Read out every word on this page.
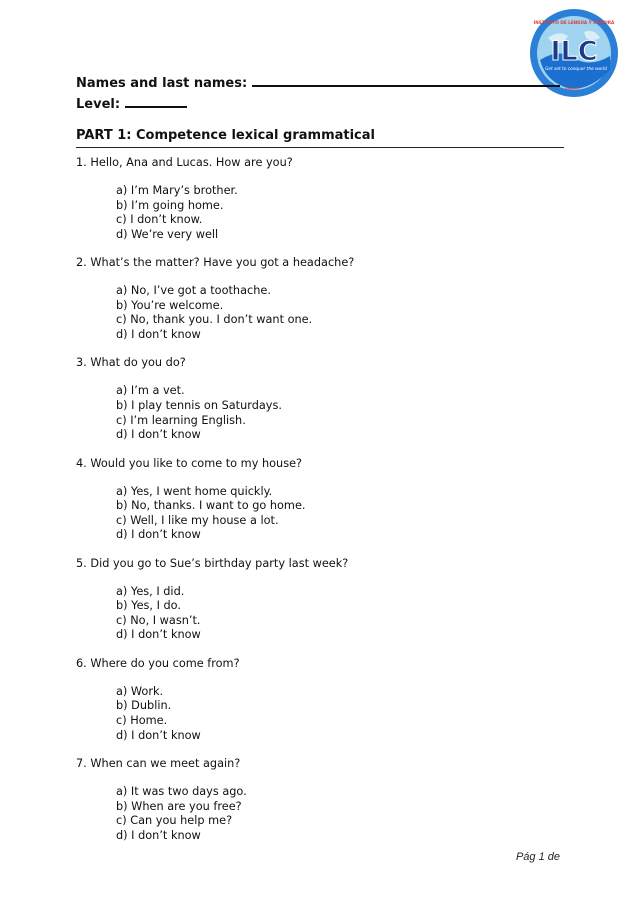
INSTITUTO DE LENGUA Y CULTURA
ILC
Get set to conquer the world
www.ilc...
Names and last names:
Level:
PART 1: Competence lexical grammatical
1. Hello, Ana and Lucas. How are you?
a) I’m Mary’s brother.
b) I’m going home.
c) I don’t know.
d) We’re very well
2. What’s the matter? Have you got a headache?
a) No, I’ve got a toothache.
b) You’re welcome.
c) No, thank you. I don’t want one.
d) I don’t know
3. What do you do?
a) I’m a vet.
b) I play tennis on Saturdays.
c) I’m learning English.
d) I don’t know
4. Would you like to come to my house?
a) Yes, I went home quickly.
b) No, thanks. I want to go home.
c) Well, I like my house a lot.
d) I don’t know
5. Did you go to Sue’s birthday party last week?
a) Yes, I did.
b) Yes, I do.
c) No, I wasn’t.
d) I don’t know
6. Where do you come from?
a) Work.
b) Dublin.
c) Home.
d) I don’t know
7. When can we meet again?
a) It was two days ago.
b) When are you free?
c) Can you help me?
d) I don’t know
Pág 1 de
